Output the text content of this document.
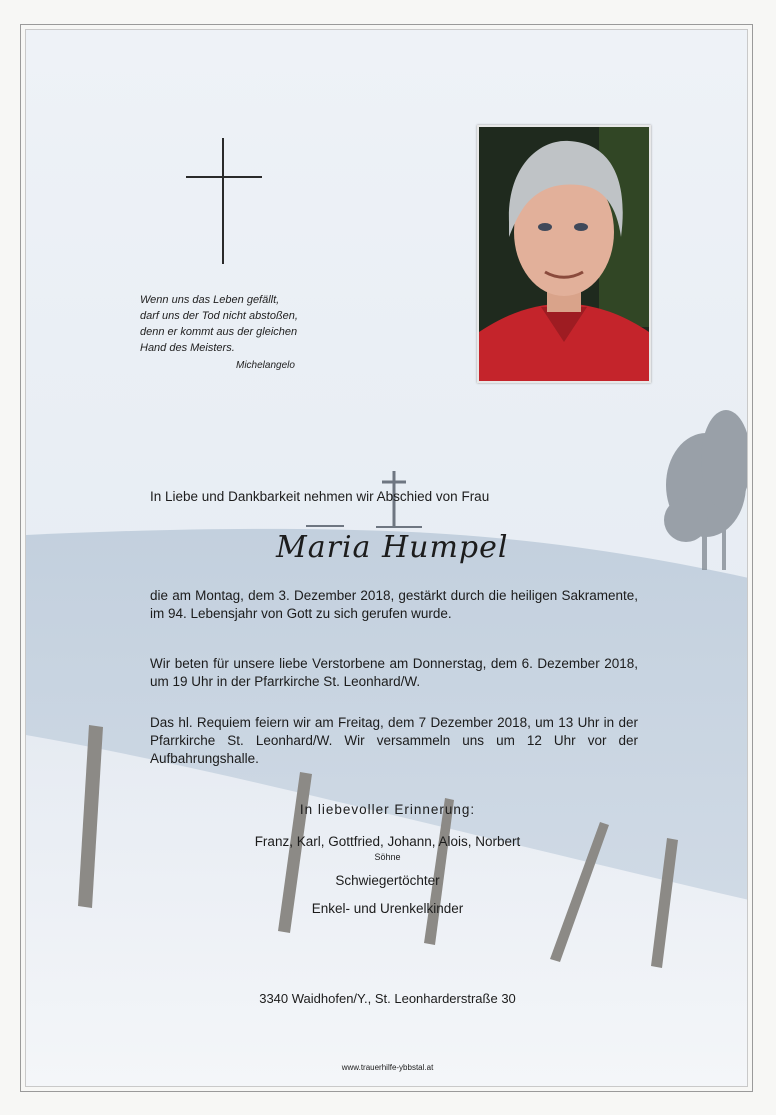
Wenn uns das Leben gefällt,

darf uns der Tod nicht abstoßen,

denn er kommt aus der gleichen

Hand des Meisters.

Michelangelo
In Liebe und Dankbarkeit nehmen wir Abschied von Frau
Maria Humpel
die am Montag, dem 3. Dezember 2018, gestärkt durch die heiligen Sakramente, im 94. Lebensjahr von Gott zu sich gerufen wurde.
Wir beten für unsere liebe Verstorbene am Donnerstag, dem 6. Dezember 2018, um 19 Uhr in der Pfarrkirche St. Leonhard/W.
Das hl. Requiem feiern wir am Freitag, dem 7 Dezember 2018, um 13 Uhr in der Pfarrkirche St. Leonhard/W. Wir versammeln uns um 12 Uhr vor der Aufbahrungshalle.
In liebevoller Erinnerung:
Franz, Karl, Gottfried, Johann, Alois, Norbert
Söhne
Schwiegertöchter
Enkel- und Urenkelkinder
3340 Waidhofen/Y., St. Leonharderstraße 30
www.trauerhilfe-ybbstal.at
